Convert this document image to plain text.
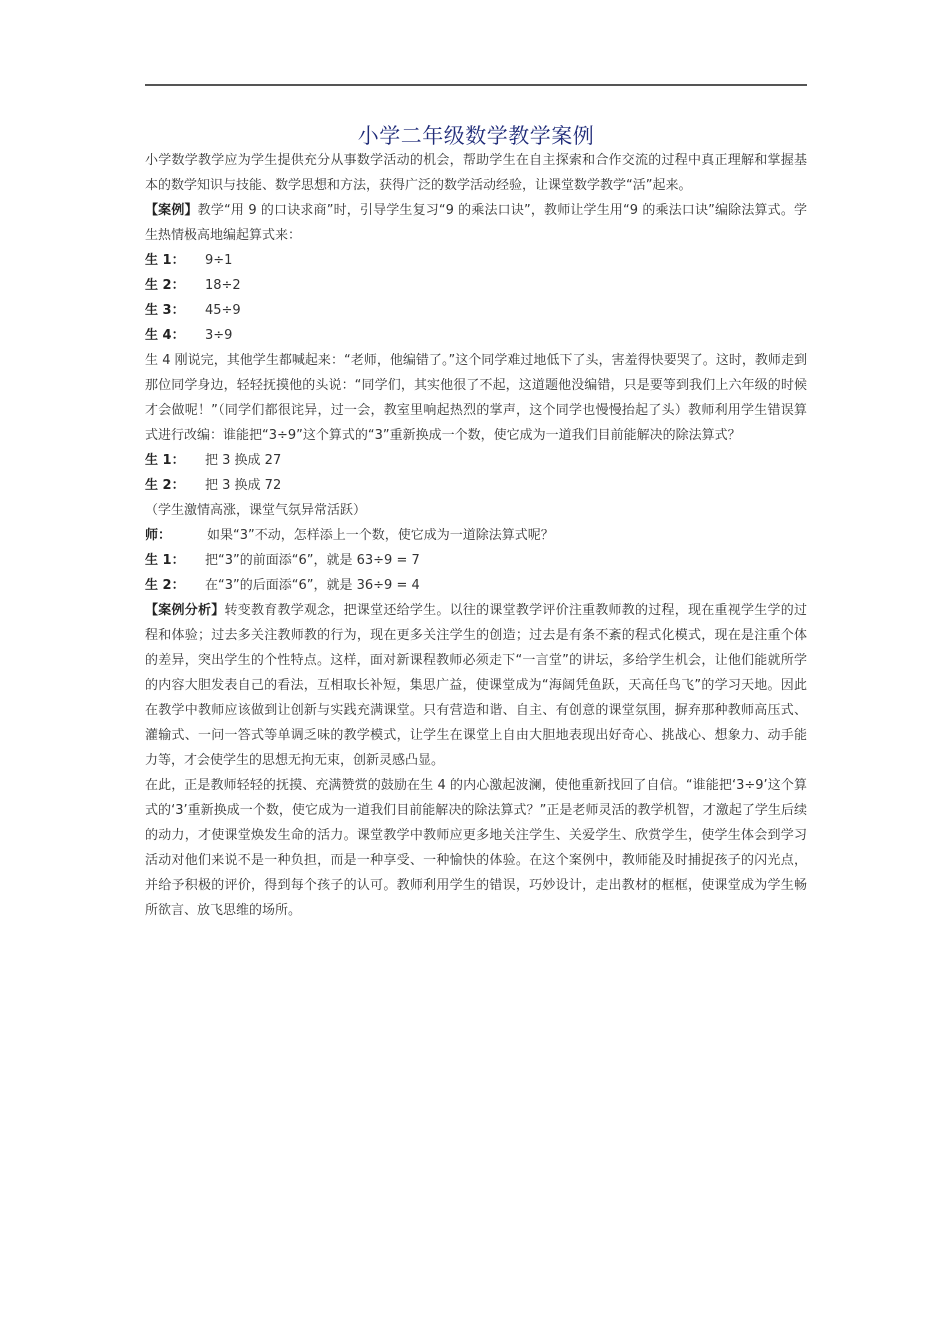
小学二年级数学教学案例

小学数学教学应为学生提供充分从事数学活动的机会，帮助学生在自主探索和合作交流的过程中真正理解和掌握基本的数学知识与技能、数学思想和方法，获得广泛的数学活动经验，让课堂数学教学“活”起来。

【案例】教学“用 9 的口诀求商”时，引导学生复习“9 的乘法口诀”，教师让学生用“9 的乘法口诀”编除法算式。学生热情极高地编起算式来：

生 1： 9÷1

生 2： 18÷2

生 3： 45÷9

生 4： 3÷9

生 4 刚说完，其他学生都喊起来：“老师，他编错了。”这个同学难过地低下了头，害羞得快要哭了。这时，教师走到那位同学身边，轻轻抚摸他的头说：“同学们，其实他很了不起，这道题他没编错，只是要等到我们上六年级的时候才会做呢！”（同学们都很诧异，过一会，教室里响起热烈的掌声，这个同学也慢慢抬起了头）教师利用学生错误算式进行改编：谁能把“3÷9”这个算式的“3”重新换成一个数，使它成为一道我们目前能解决的除法算式？

生 1： 把 3 换成 27

生 2： 把 3 换成 72

（学生激情高涨，课堂气氛异常活跃）

师：	如果“3”不动，怎样添上一个数，使它成为一道除法算式呢？

生 1： 把“3”的前面添“6”，就是 63÷9 = 7

生 2： 在“3”的后面添“6”，就是 36÷9 = 4

【案例分析】转变教育教学观念，把课堂还给学生。以往的课堂教学评价注重教师教的过程，现在重视学生学的过程和体验；过去多关注教师教的行为，现在更多关注学生的创造；过去是有条不紊的程式化模式，现在是注重个体的差异，突出学生的个性特点。这样，面对新课程教师必须走下“一言堂”的讲坛，多给学生机会，让他们能就所学的内容大胆发表自己的看法，互相取长补短，集思广益，使课堂成为“海阔凭鱼跃，天高任鸟飞”的学习天地。因此在教学中教师应该做到让创新与实践充满课堂。只有营造和谐、自主、有创意的课堂氛围，摒弃那种教师高压式、灌输式、一问一答式等单调乏味的教学模式，让学生在课堂上自由大胆地表现出好奇心、挑战心、想象力、动手能力等，才会使学生的思想无拘无束，创新灵感凸显。

在此，正是教师轻轻的抚摸、充满赞赏的鼓励在生 4 的内心激起波澜，使他重新找回了自信。“谁能把‘3÷9’这个算式的‘3’重新换成一个数，使它成为一道我们目前能解决的除法算式？”正是老师灵活的教学机智，才激起了学生后续的动力，才使课堂焕发生命的活力。课堂教学中教师应更多地关注学生、关爱学生、欣赏学生，使学生体会到学习活动对他们来说不是一种负担，而是一种享受、一种愉快的体验。在这个案例中，教师能及时捕捉孩子的闪光点，并给予积极的评价，得到每个孩子的认可。教师利用学生的错误，巧妙设计，走出教材的框框，使课堂成为学生畅所欲言、放飞思维的场所。
